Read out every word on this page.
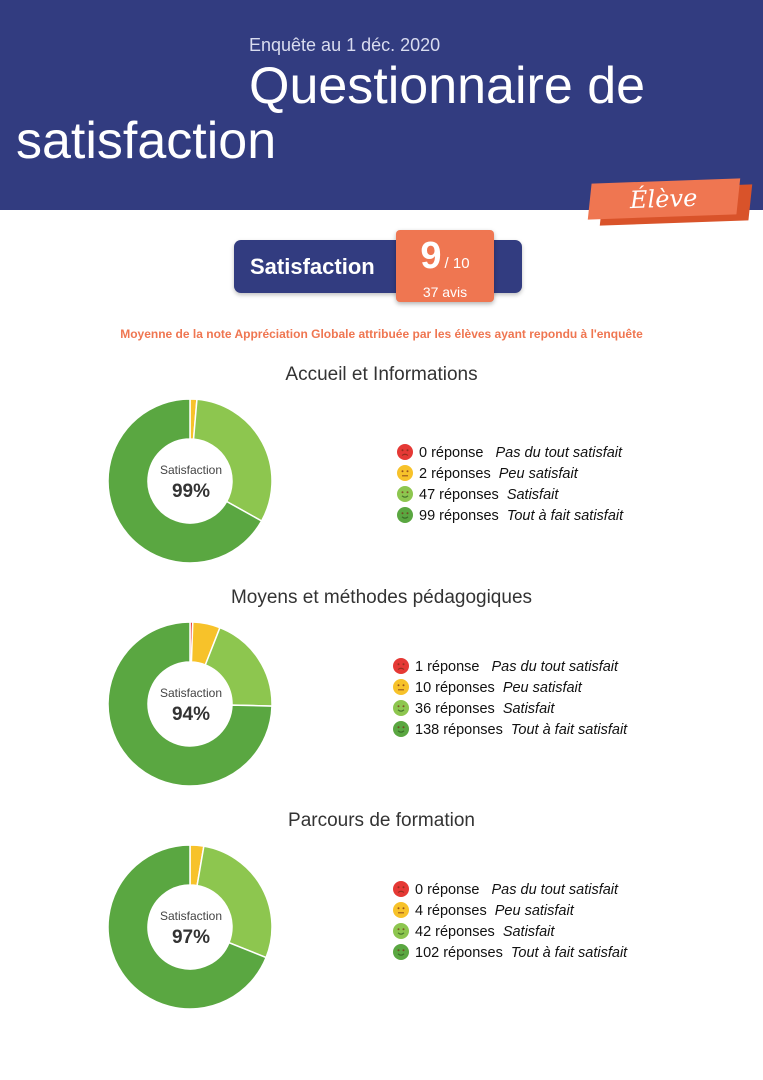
Enquête au 1 déc. 2020
Questionnaire de
satisfaction
Élève
Satisfaction	9 / 10
37 avis
Moyenne de la note Appréciation Globale attribuée par les élèves ayant repondu à l'enquête
Accueil et Informations
Satisfaction
99%
0 réponse Pas du tout satisfait
2 réponses Peu satisfait
47 réponses Satisfait
99 réponses Tout à fait satisfait
Moyens et méthodes pédagogiques
Satisfaction
94%
1 réponse Pas du tout satisfait
10 réponses Peu satisfait
36 réponses Satisfait
138 réponses Tout à fait satisfait
Parcours de formation
Satisfaction
97%
0 réponse Pas du tout satisfait
4 réponses Peu satisfait
42 réponses Satisfait
102 réponses Tout à fait satisfait
